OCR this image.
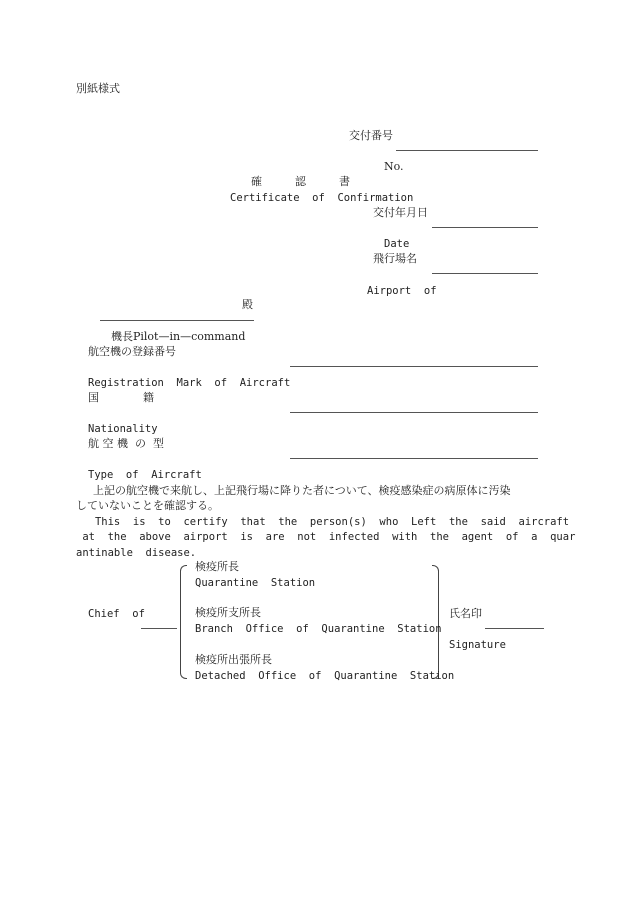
別紙様式
交付番号
No.
確　　　認　　　書
Certificate  of  Confirmation
交付年月日
Date
飛行場名
Airport  of
殿
機長Pilot—in—command
航空機の登録番号
Registration  Mark  of  Aircraft
国　　　　籍
Nationality
航 空 機  の  型
Type  of  Aircraft
　上記の航空機で来航し、上記飛行場に降りた者について、検疫感染症の病原体に汚染
していないことを確認する。
This  is  to  certify  that  the  person(s)  who  Left  the  said  aircraft
at  the  above  airport  is  are  not  infected  with  the  agent  of  a  quar
antinable  disease.
Chief  of
検疫所長
Quarantine  Station
検疫所支所長
Branch  Office  of  Quarantine  Station
検疫所出張所長
Detached  Office  of  Quarantine  Station
氏名印
Signature
